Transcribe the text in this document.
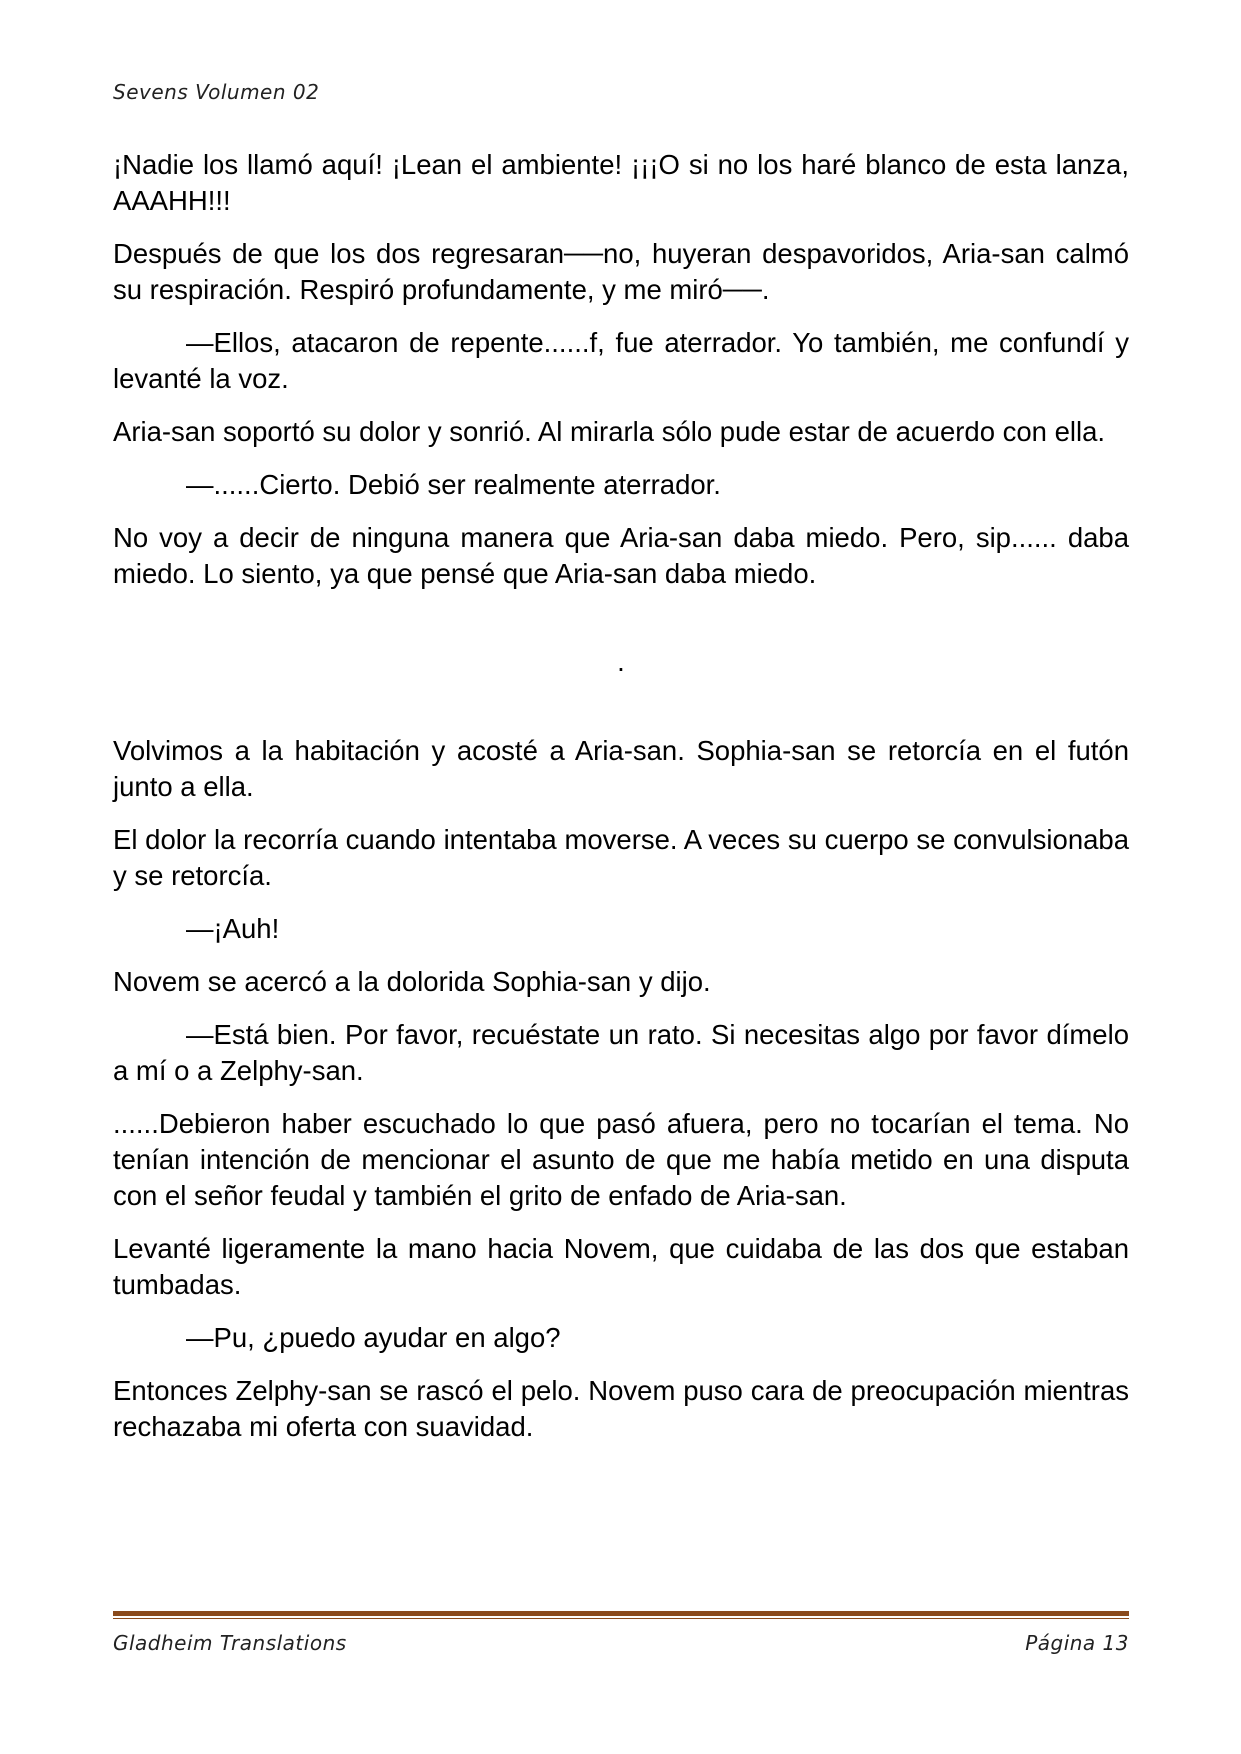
Sevens Volumen 02

¡Nadie los llamó aquí! ¡Lean el ambiente! ¡¡¡O si no los haré blanco de esta lanza, AAAHH!!!

Después de que los dos regresaran──no, huyeran despavoridos, Aria-san calmó su respiración. Respiró profundamente, y me miró──.

—Ellos, atacaron de repente......f, fue aterrador. Yo también, me confundí y levanté la voz.

Aria-san soportó su dolor y sonrió. Al mirarla sólo pude estar de acuerdo con ella.

—......Cierto. Debió ser realmente aterrador.

No voy a decir de ninguna manera que Aria-san daba miedo. Pero, sip...... daba miedo. Lo siento, ya que pensé que Aria-san daba miedo.

.

Volvimos a la habitación y acosté a Aria-san. Sophia-san se retorcía en el futón junto a ella.

El dolor la recorría cuando intentaba moverse. A veces su cuerpo se convulsionaba y se retorcía.

—¡Auh!

Novem se acercó a la dolorida Sophia-san y dijo.

—Está bien. Por favor, recuéstate un rato. Si necesitas algo por favor dímelo a mí o a Zelphy-san.

......Debieron haber escuchado lo que pasó afuera, pero no tocarían el tema. No tenían intención de mencionar el asunto de que me había metido en una disputa con el señor feudal y también el grito de enfado de Aria-san.

Levanté ligeramente la mano hacia Novem, que cuidaba de las dos que estaban tumbadas.

—Pu, ¿puedo ayudar en algo?

Entonces Zelphy-san se rascó el pelo. Novem puso cara de preocupación mientras rechazaba mi oferta con suavidad.

Gladheim Translations	Página 13
